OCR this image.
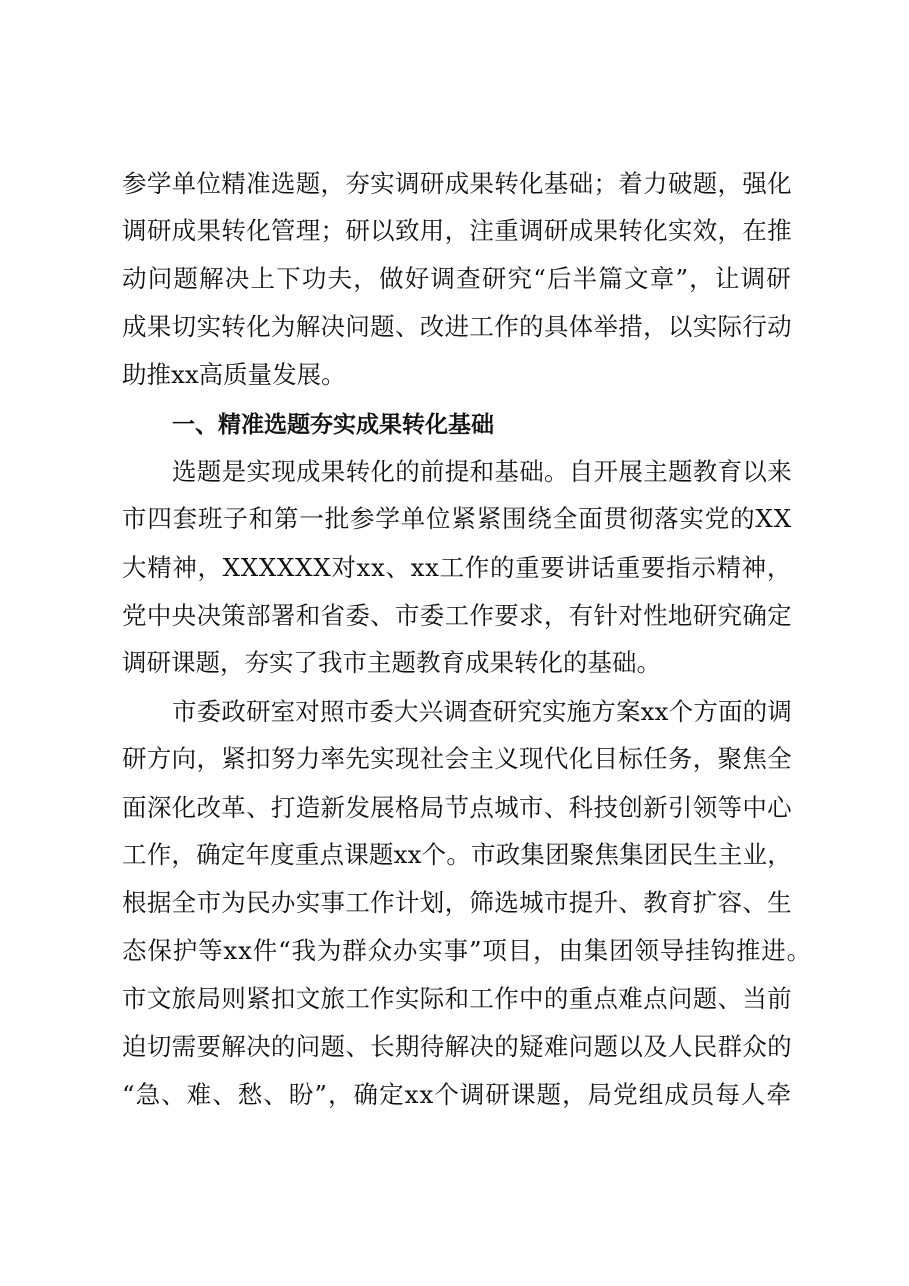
参学单位精准选题，夯实调研成果转化基础；着力破题，强化
调研成果转化管理；研以致用，注重调研成果转化实效，在推
动问题解决上下功夫，做好调查研究“后半篇文章”，让调研
成果切实转化为解决问题、改进工作的具体举措，以实际行动
助推xx高质量发展。
一、精准选题夯实成果转化基础
选题是实现成果转化的前提和基础。自开展主题教育以来
市四套班子和第一批参学单位紧紧围绕全面贯彻落实党的XX
大精神，XXXXXX对xx、xx工作的重要讲话重要指示精神，
党中央决策部署和省委、市委工作要求，有针对性地研究确定
调研课题，夯实了我市主题教育成果转化的基础。
市委政研室对照市委大兴调查研究实施方案xx个方面的调
研方向，紧扣努力率先实现社会主义现代化目标任务，聚焦全
面深化改革、打造新发展格局节点城市、科技创新引领等中心
工作，确定年度重点课题xx个。市政集团聚焦集团民生主业，
根据全市为民办实事工作计划，筛选城市提升、教育扩容、生
态保护等xx件“我为群众办实事”项目，由集团领导挂钩推进。
市文旅局则紧扣文旅工作实际和工作中的重点难点问题、当前
迫切需要解决的问题、长期待解决的疑难问题以及人民群众的
“急、难、愁、盼”，确定xx个调研课题，局党组成员每人牵
